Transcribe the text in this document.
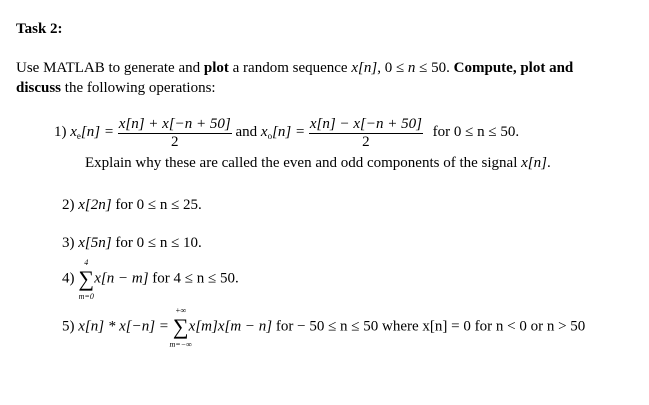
Task 2:
Use MATLAB to generate and plot a random sequence x[n], 0 ≤ n ≤ 50. Compute, plot and
discuss the following operations:
1) $x_e[n] = \frac{x[n] + x[-n + 50]}{2}$ and $x_o[n] = \frac{x[n] - x[-n + 50]}{2}$ for 0 ≤ n ≤ 50.
Explain why these are called the even and odd components of the signal x[n].
2) x[2n] for 0 ≤ n ≤ 25.
3) x[5n] for 0 ≤ n ≤ 10.
4)
4
∑
m=0
x[n − m] for 4 ≤ n ≤ 50.
5) x[n] * x[−n] =
+∞
∑
m=−∞
x[m]x[m − n] for − 50 ≤ n ≤ 50 where x[n] = 0 for n < 0 or n > 50
